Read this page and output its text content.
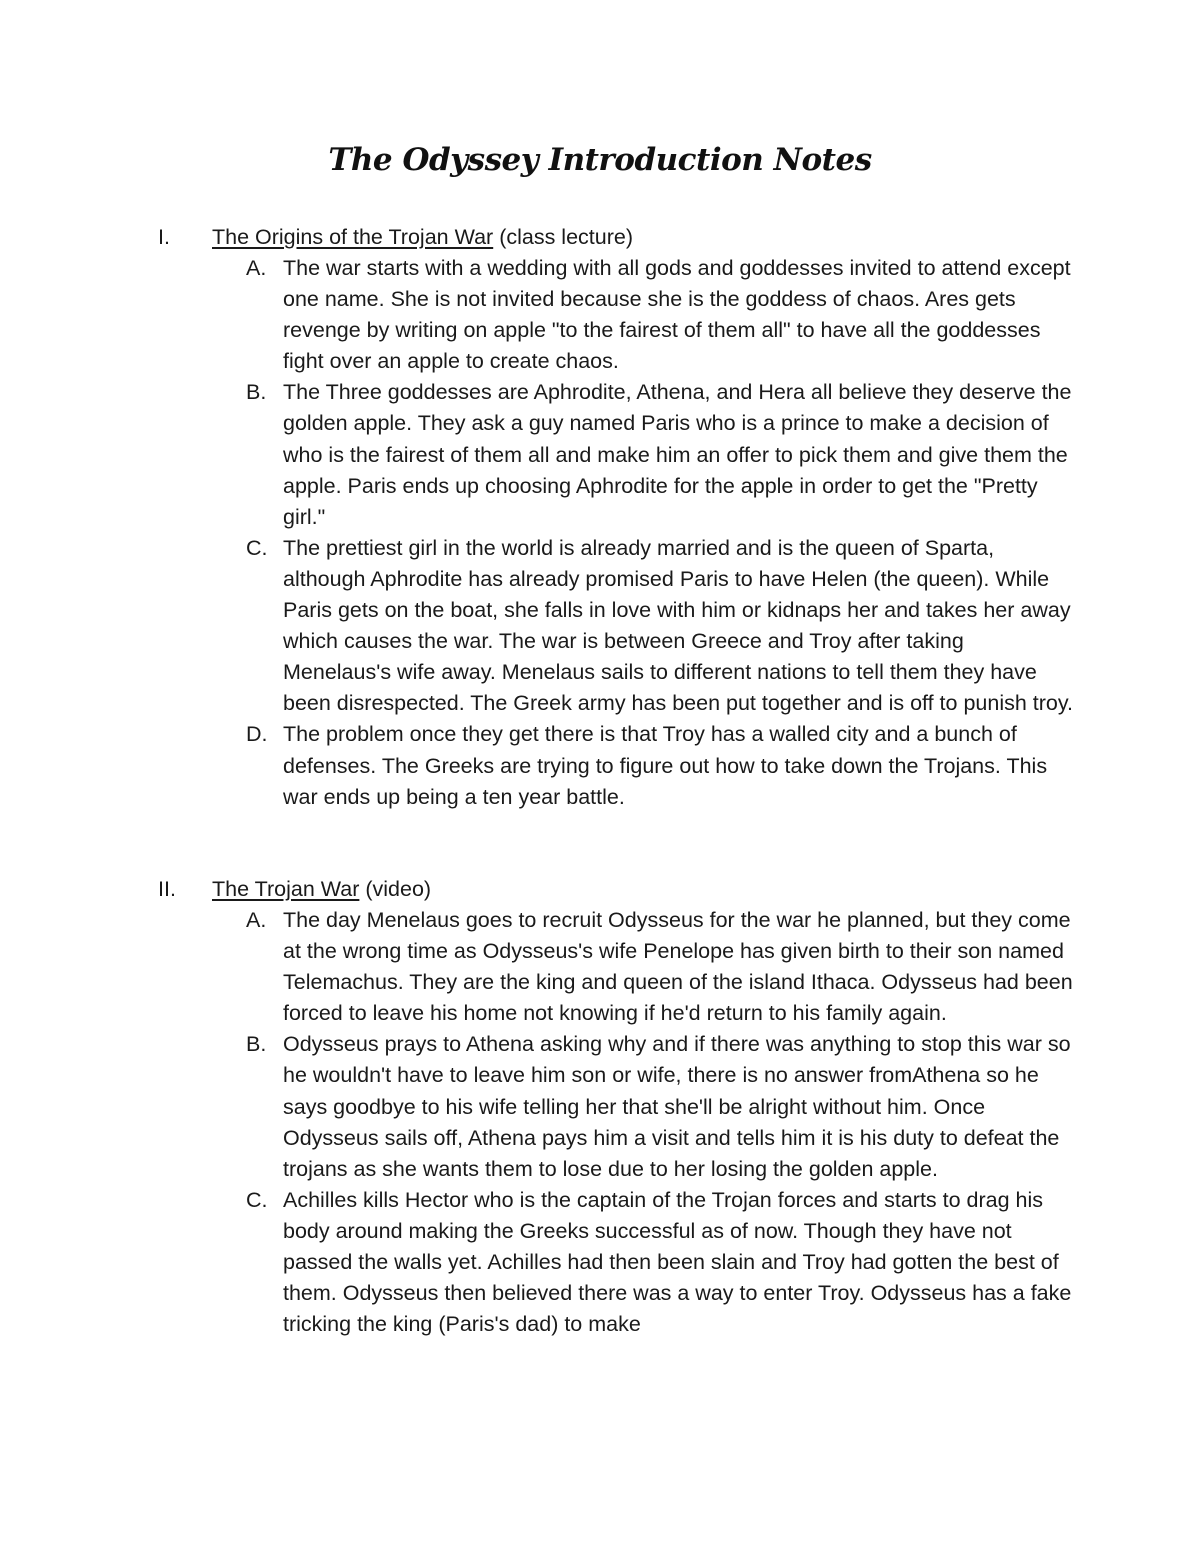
The Odyssey Introduction Notes
I. The Origins of the Trojan War (class lecture)
A. The war starts with a wedding with all gods and goddesses invited to attend except one name. She is not invited because she is the goddess of chaos. Ares gets revenge by writing on apple "to the fairest of them all" to have all the goddesses fight over an apple to create chaos.
B. The Three goddesses are Aphrodite, Athena, and Hera all believe they deserve the golden apple. They ask a guy named Paris who is a prince to make a decision of who is the fairest of them all and make him an offer to pick them and give them the apple. Paris ends up choosing Aphrodite for the apple in order to get the "Pretty girl."
C. The prettiest girl in the world is already married and is the queen of Sparta, although Aphrodite has already promised Paris to have Helen (the queen). While Paris gets on the boat, she falls in love with him or kidnaps her and takes her away which causes the war. The war is between Greece and Troy after taking Menelaus's wife away. Menelaus sails to different nations to tell them they have been disrespected. The Greek army has been put together and is off to punish troy.
D. The problem once they get there is that Troy has a walled city and a bunch of defenses. The Greeks are trying to figure out how to take down the Trojans. This war ends up being a ten year battle.
II. The Trojan War (video)
A. The day Menelaus goes to recruit Odysseus for the war he planned, but they come at the wrong time as Odysseus's wife Penelope has given birth to their son named Telemachus. They are the king and queen of the island Ithaca. Odysseus had been forced to leave his home not knowing if he'd return to his family again.
B. Odysseus prays to Athena asking why and if there was anything to stop this war so he wouldn't have to leave him son or wife, there is no answer fromAthena so he says goodbye to his wife telling her that she'll be alright without him. Once Odysseus sails off, Athena pays him a visit and tells him it is his duty to defeat the trojans as she wants them to lose due to her losing the golden apple.
C. Achilles kills Hector who is the captain of the Trojan forces and starts to drag his body around making the Greeks successful as of now. Though they have not passed the walls yet. Achilles had then been slain and Troy had gotten the best of them. Odysseus then believed there was a way to enter Troy. Odysseus has a fake tricking the king (Paris's dad) to make
